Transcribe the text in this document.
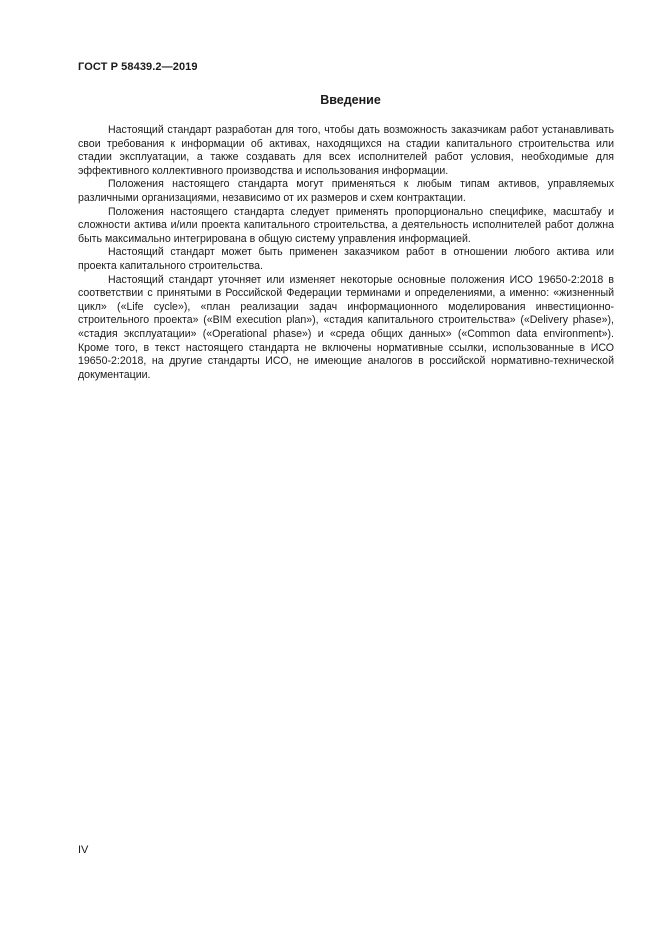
ГОСТ Р 58439.2—2019
Введение

Настоящий стандарт разработан для того, чтобы дать возможность заказчикам работ устанавливать свои требования к информации об активах, находящихся на стадии капитального строительства или стадии эксплуатации, а также создавать для всех исполнителей работ условия, необходимые для эффективного коллективного производства и использования информации.

Положения настоящего стандарта могут применяться к любым типам активов, управляемых различными организациями, независимо от их размеров и схем контрактации.

Положения настоящего стандарта следует применять пропорционально специфике, масштабу и сложности актива и/или проекта капитального строительства, а деятельность исполнителей работ должна быть максимально интегрирована в общую систему управления информацией.

Настоящий стандарт может быть применен заказчиком работ в отношении любого актива или проекта капитального строительства.

Настоящий стандарт уточняет или изменяет некоторые основные положения ИСО 19650-2:2018 в соответствии с принятыми в Российской Федерации терминами и определениями, а именно: «жизненный цикл» («Life cycle»), «план реализации задач информационного моделирования инвестиционно-строительного проекта» («BIM execution plan»), «стадия капитального строительства» («Delivery phase»), «стадия эксплуатации» («Operational phase») и «среда общих данных» («Common data environment»). Кроме того, в текст настоящего стандарта не включены нормативные ссылки, использованные в ИСО 19650-2:2018, на другие стандарты ИСО, не имеющие аналогов в российской нормативно-технической документации.

IV
